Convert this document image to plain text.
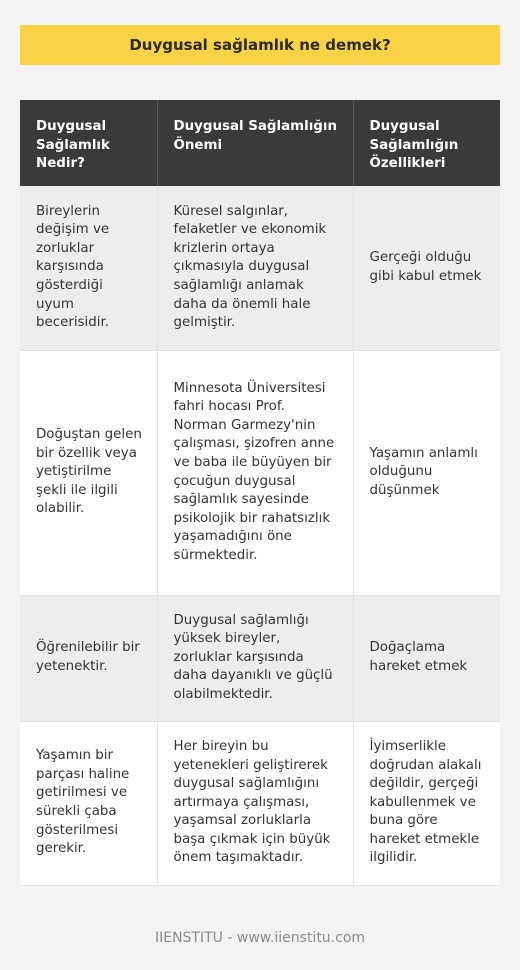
Duygusal sağlamlık ne demek?
Duygusal Sağlamlık Nedir?	Duygusal Sağlamlığın Önemi	Duygusal Sağlamlığın Özellikleri
Bireylerin değişim ve zorluklar karşısında gösterdiği uyum becerisidir.	Küresel salgınlar, felaketler ve ekonomik krizlerin ortaya çıkmasıyla duygusal sağlamlığı anlamak daha da önemli hale gelmiştir.	Gerçeği olduğu gibi kabul etmek
Doğuştan gelen bir özellik veya yetiştirilme şekli ile ilgili olabilir.	Minnesota Üniversitesi fahri hocası Prof. Norman Garmezy'nin çalışması, şizofren anne ve baba ile büyüyen bir çocuğun duygusal sağlamlık sayesinde psikolojik bir rahatsızlık yaşamadığını öne sürmektedir.	Yaşamın anlamlı olduğunu düşünmek
Öğrenilebilir bir yetenektir.	Duygusal sağlamlığı yüksek bireyler, zorluklar karşısında daha dayanıklı ve güçlü olabilmektedir.	Doğaçlama hareket etmek
Yaşamın bir parçası haline getirilmesi ve sürekli çaba gösterilmesi gerekir.	Her bireyin bu yetenekleri geliştirerek duygusal sağlamlığını artırmaya çalışması, yaşamsal zorluklarla başa çıkmak için büyük önem taşımaktadır.	İyimserlikle doğrudan alakalı değildir, gerçeği kabullenmek ve buna göre hareket etmekle ilgilidir.
IIENSTITU - www.iienstitu.com
